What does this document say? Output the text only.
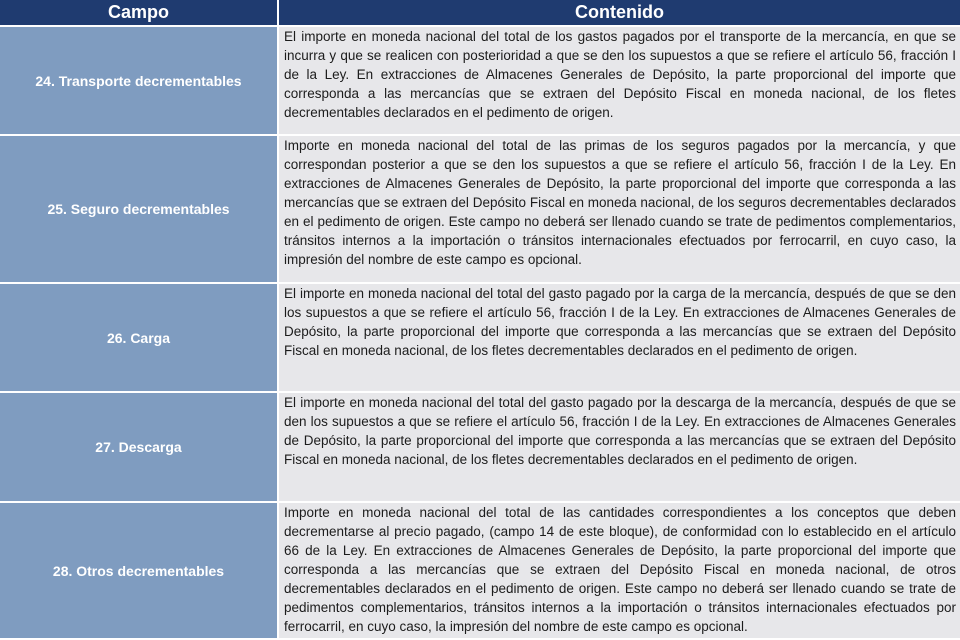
Campo	Contenido
24. Transporte decrementables	El importe en moneda nacional del total de los gastos pagados por el transporte de la mercancía, en que se incurra y que se realicen con posterioridad a que se den los supuestos a que se refiere el artículo 56, fracción I de la Ley. En extracciones de Almacenes Generales de Depósito, la parte proporcional del importe que corresponda a las mercancías que se extraen del Depósito Fiscal en moneda nacional, de los fletes decrementables declarados en el pedimento de origen.
25. Seguro decrementables	Importe en moneda nacional del total de las primas de los seguros pagados por la mercancía, y que correspondan posterior a que se den los supuestos a que se refiere el artículo 56, fracción I de la Ley. En extracciones de Almacenes Generales de Depósito, la parte proporcional del importe que corresponda a las mercancías que se extraen del Depósito Fiscal en moneda nacional, de los seguros decrementables declarados en el pedimento de origen. Este campo no deberá ser llenado cuando se trate de pedimentos complementarios, tránsitos internos a la importación o tránsitos internacionales efectuados por ferrocarril, en cuyo caso, la impresión del nombre de este campo es opcional.
26. Carga	El importe en moneda nacional del total del gasto pagado por la carga de la mercancía, después de que se den los supuestos a que se refiere el artículo 56, fracción I de la Ley. En extracciones de Almacenes Generales de Depósito, la parte proporcional del importe que corresponda a las mercancías que se extraen del Depósito Fiscal en moneda nacional, de los fletes decrementables declarados en el pedimento de origen.
27. Descarga	El importe en moneda nacional del total del gasto pagado por la descarga de la mercancía, después de que se den los supuestos a que se refiere el artículo 56, fracción I de la Ley. En extracciones de Almacenes Generales de Depósito, la parte proporcional del importe que corresponda a las mercancías que se extraen del Depósito Fiscal en moneda nacional, de los fletes decrementables declarados en el pedimento de origen.
28. Otros decrementables	Importe en moneda nacional del total de las cantidades correspondientes a los conceptos que deben decrementarse al precio pagado, (campo 14 de este bloque), de conformidad con lo establecido en el artículo 66 de la Ley. En extracciones de Almacenes Generales de Depósito, la parte proporcional del importe que corresponda a las mercancías que se extraen del Depósito Fiscal en moneda nacional, de otros decrementables declarados en el pedimento de origen. Este campo no deberá ser llenado cuando se trate de pedimentos complementarios, tránsitos internos a la importación o tránsitos internacionales efectuados por ferrocarril, en cuyo caso, la impresión del nombre de este campo es opcional.
